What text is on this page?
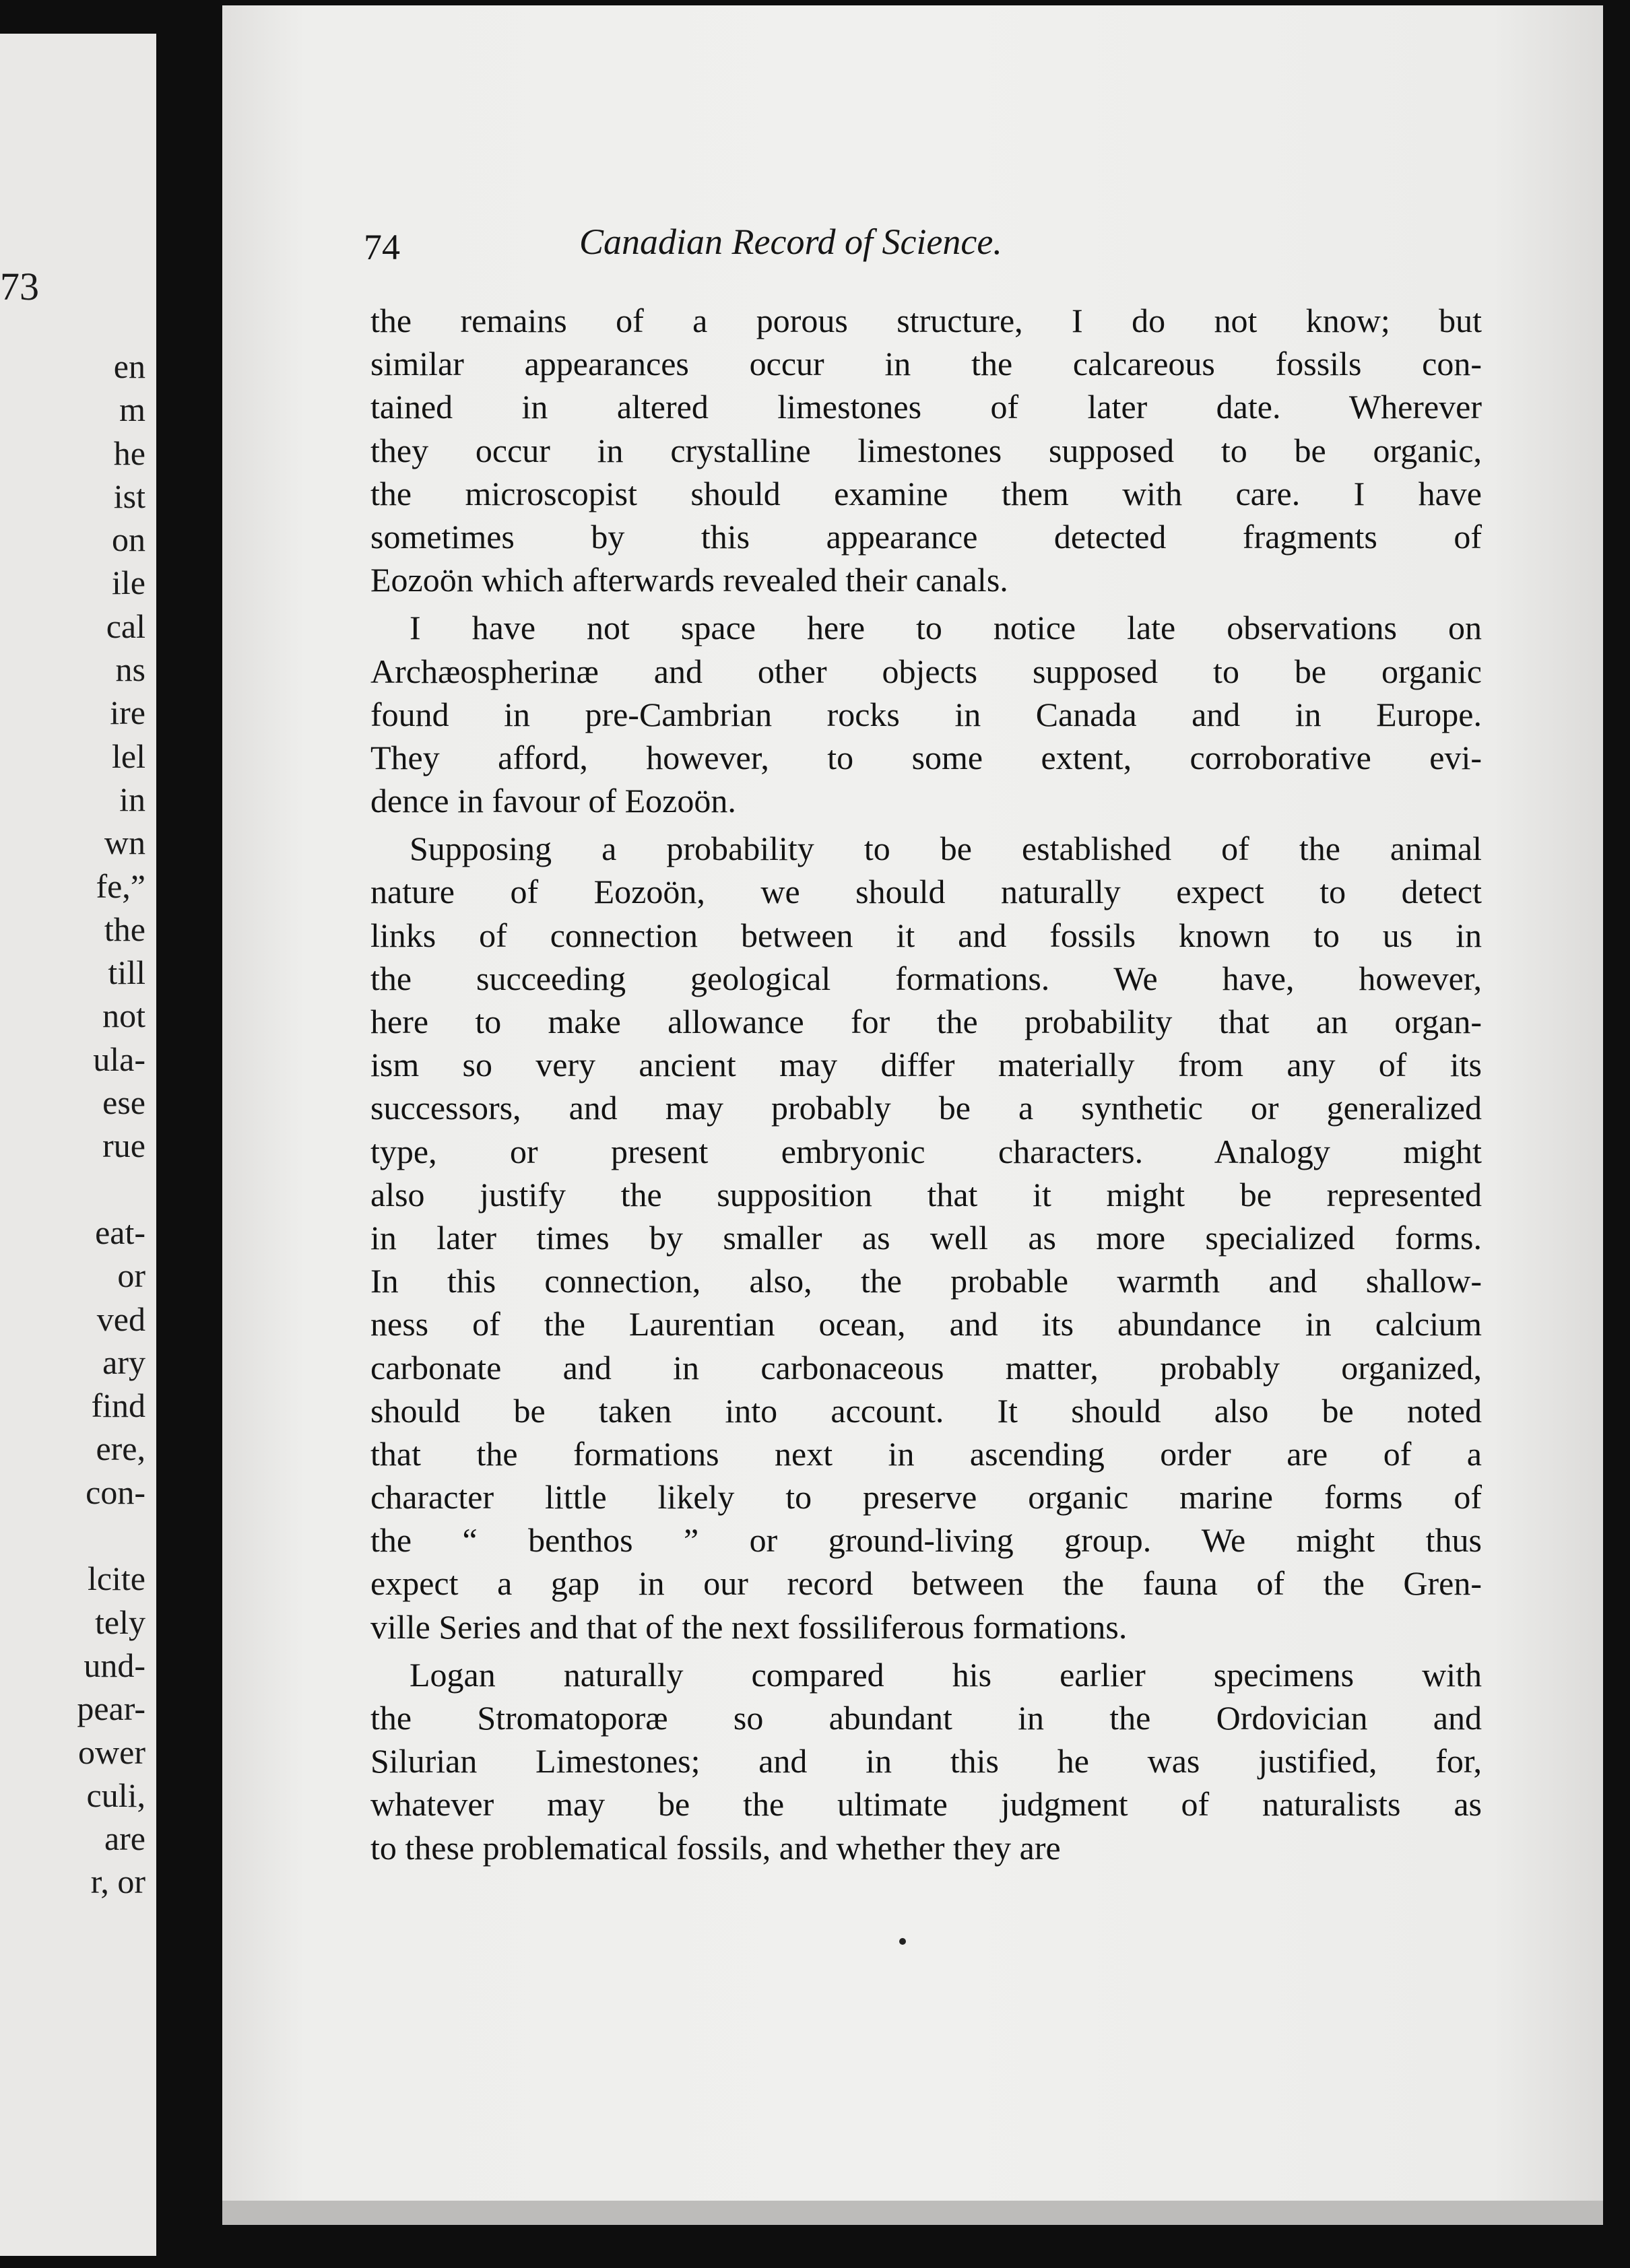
73
en
m
he
ist
on
ile
cal
ns
ire
lel
in
wn
fe,”
the
till
not
ula-
ese
rue
eat-
or
ved
ary
find
ere,
con-
lcite
tely
und-
pear-
ower
culi,
are
r, or
74	Canadian Record of Science.
the remains of a porous structure, I do not know; but
similar appearances occur in the calcareous fossils con-
tained in altered limestones of later date. Wherever
they occur in crystalline limestones supposed to be organic,
the microscopist should examine them with care. I have
sometimes by this appearance detected fragments of
Eozoön which afterwards revealed their canals.
I have not space here to notice late observations on
Archæospherinæ and other objects supposed to be organic
found in pre-Cambrian rocks in Canada and in Europe.
They afford, however, to some extent, corroborative evi-
dence in favour of Eozoön.
Supposing a probability to be established of the animal
nature of Eozoön, we should naturally expect to detect
links of connection between it and fossils known to us in
the succeeding geological formations. We have, however,
here to make allowance for the probability that an organ-
ism so very ancient may differ materially from any of its
successors, and may probably be a synthetic or generalized
type, or present embryonic characters. Analogy might
also justify the supposition that it might be represented
in later times by smaller as well as more specialized forms.
In this connection, also, the probable warmth and shallow-
ness of the Laurentian ocean, and its abundance in calcium
carbonate and in carbonaceous matter, probably organized,
should be taken into account. It should also be noted
that the formations next in ascending order are of a
character little likely to preserve organic marine forms of
the “ benthos ” or ground-living group. We might thus
expect a gap in our record between the fauna of the Gren-
ville Series and that of the next fossiliferous formations.
Logan naturally compared his earlier specimens with
the Stromatoporæ so abundant in the Ordovician and
Silurian Limestones; and in this he was justified, for,
whatever may be the ultimate judgment of naturalists as
to these problematical fossils, and whether they are
